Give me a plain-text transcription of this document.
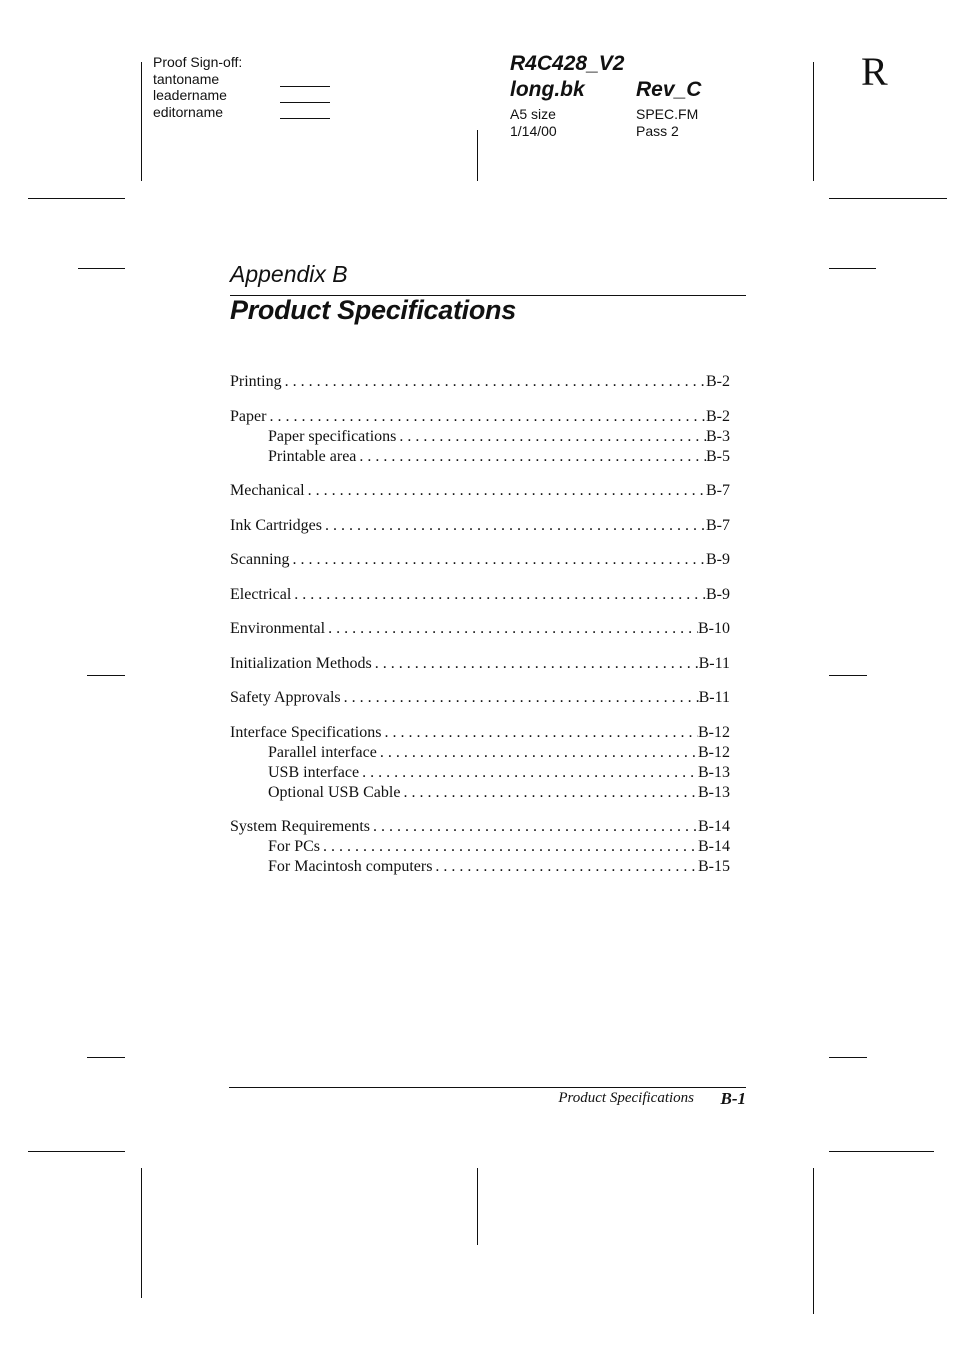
Proof Sign-off:
tantoname
leadername
editorname
R4C428_V2
long.bk Rev_C
A5 size
1/14/00
SPEC.FM
Pass 2
R
Appendix B
Product Specifications
Printing . . .	B-2
Paper . . .	B-2
Paper specifications . . .	B-3
Printable area . . .	B-5
Mechanical . . .	B-7
Ink Cartridges . . .	B-7
Scanning . . .	B-9
Electrical . . .	B-9
Environmental . . .	B-10
Initialization Methods . . .	B-11
Safety Approvals . . .	B-11
Interface Specifications . . .	B-12
Parallel interface . . .	B-12
USB interface . . .	B-13
Optional USB Cable . . .	B-13
System Requirements . . .	B-14
For PCs . . .	B-14
For Macintosh computers . . .	B-15
Product Specifications B-1
